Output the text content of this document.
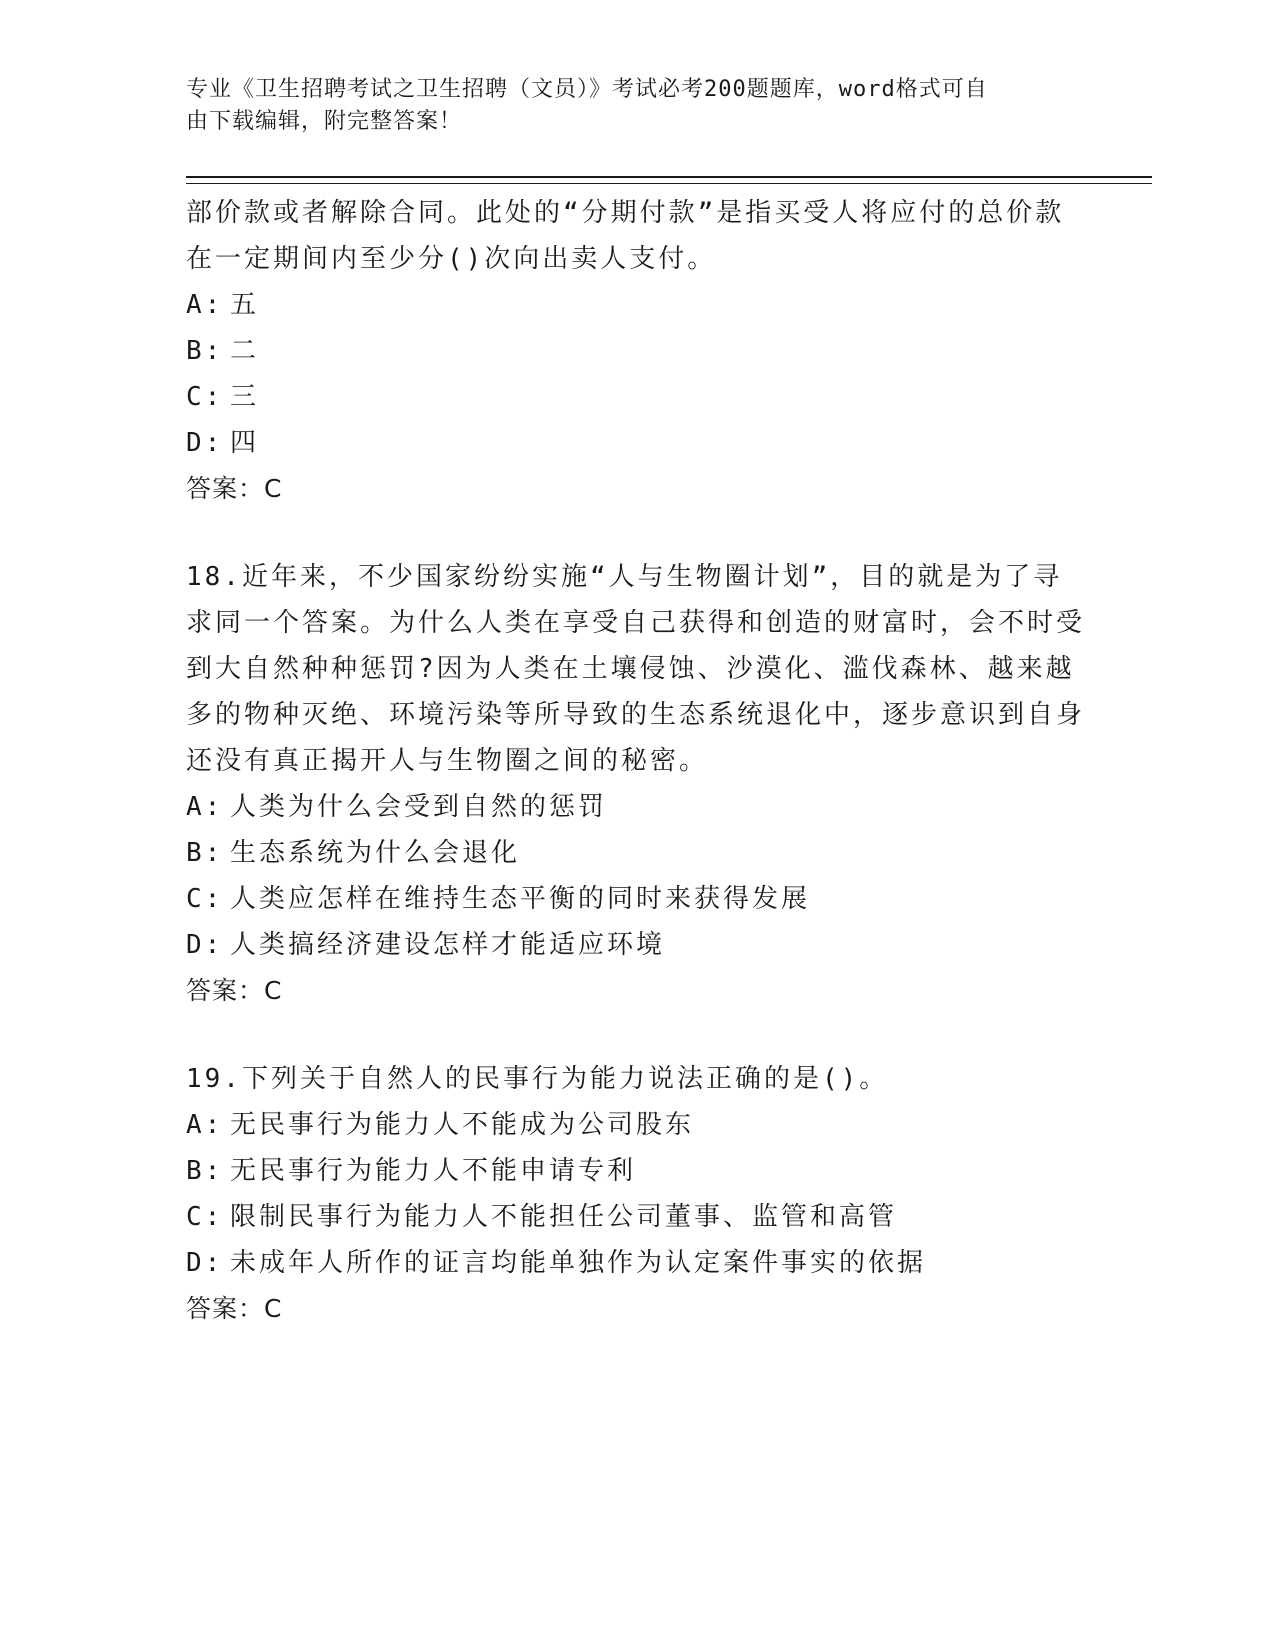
专业《卫生招聘考试之卫生招聘（文员）》考试必考200题题库，word格式可自
由下载编辑，附完整答案！
部价款或者解除合同。此处的“分期付款”是指买受人将应付的总价款在一定期间内至少分()次向出卖人支付。
A: 五
B: 二
C: 三
D: 四
答案：C
18.近年来，不少国家纷纷实施“人与生物圈计划”，目的就是为了寻求同一个答案。为什么人类在享受自己获得和创造的财富时，会不时受到大自然种种惩罚?因为人类在土壤侵蚀、沙漠化、滥伐森林、越来越多的物种灭绝、环境污染等所导致的生态系统退化中，逐步意识到自身还没有真正揭开人与生物圈之间的秘密。
A: 人类为什么会受到自然的惩罚
B: 生态系统为什么会退化
C: 人类应怎样在维持生态平衡的同时来获得发展
D: 人类搞经济建设怎样才能适应环境
答案：C
19.下列关于自然人的民事行为能力说法正确的是()。
A: 无民事行为能力人不能成为公司股东
B: 无民事行为能力人不能申请专利
C: 限制民事行为能力人不能担任公司董事、监管和高管
D: 未成年人所作的证言均能单独作为认定案件事实的依据
答案：C
